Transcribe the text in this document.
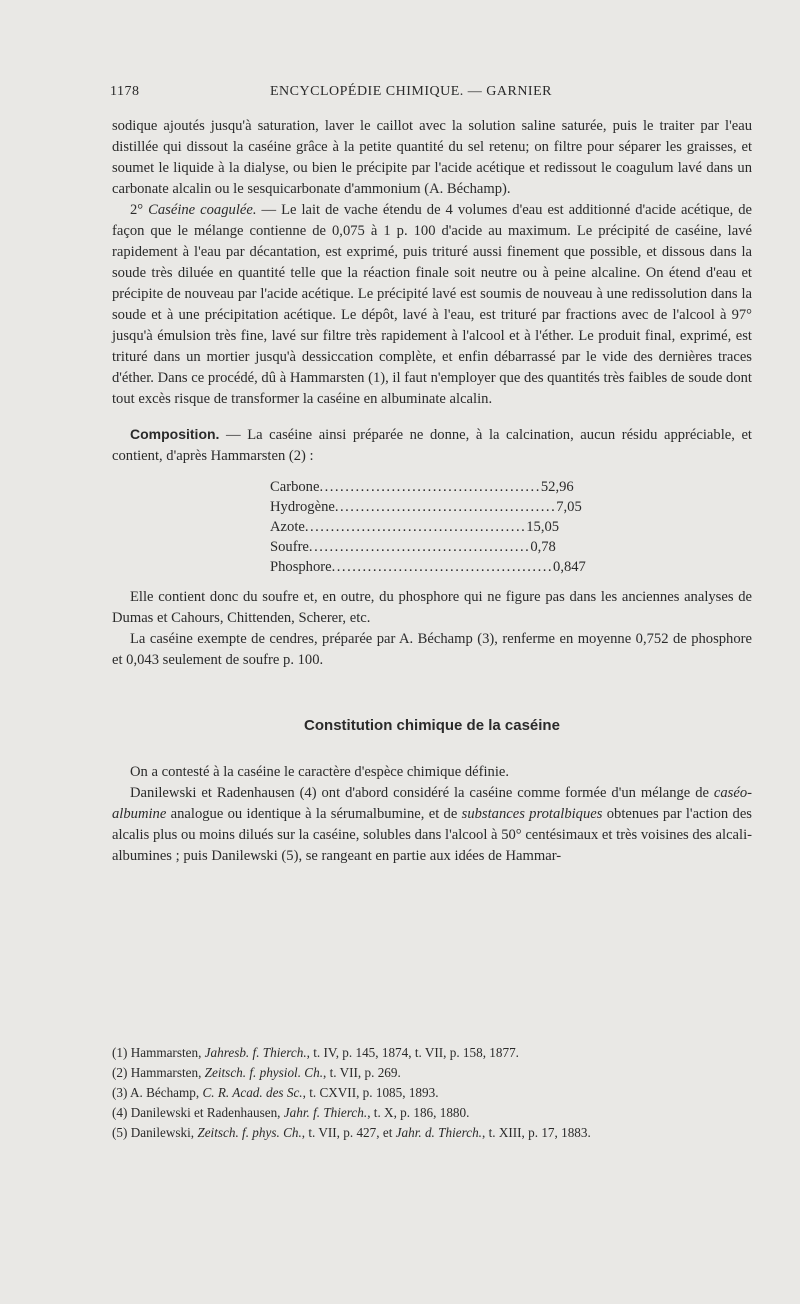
1178	ENCYCLOPÉDIE CHIMIQUE. — GARNIER

sodique ajoutés jusqu'à saturation, laver le caillot avec la solution saline saturée, puis le traiter par l'eau distillée qui dissout la caséine grâce à la petite quantité du sel retenu; on filtre pour séparer les graisses, et soumet le liquide à la dialyse, ou bien le précipite par l'acide acétique et redissout le coagulum lavé dans un carbonate alcalin ou le sesquicarbonate d'ammonium (A. Béchamp).

2° Caséine coagulée. — Le lait de vache étendu de 4 volumes d'eau est additionné d'acide acétique, de façon que le mélange contienne de 0,075 à 1 p. 100 d'acide au maximum. Le précipité de caséine, lavé rapidement à l'eau par décantation, est exprimé, puis trituré aussi finement que possible, et dissous dans la soude très diluée en quantité telle que la réaction finale soit neutre ou à peine alcaline. On étend d'eau et précipite de nouveau par l'acide acétique. Le précipité lavé est soumis de nouveau à une redissolution dans la soude et à une précipitation acétique. Le dépôt, lavé à l'eau, est trituré par fractions avec de l'alcool à 97° jusqu'à émulsion très fine, lavé sur filtre très rapidement à l'alcool et à l'éther. Le produit final, exprimé, est trituré dans un mortier jusqu'à dessiccation complète, et enfin débarrassé par le vide des dernières traces d'éther. Dans ce procédé, dû à Hammarsten (1), il faut n'employer que des quantités très faibles de soude dont tout excès risque de transformer la caséine en albuminate alcalin.

Composition. — La caséine ainsi préparée ne donne, à la calcination, aucun résidu appréciable, et contient, d'après Hammarsten (2) :

Carbone ........................................... 52,96
Hydrogène ........................................... 7,05
Azote ........................................... 15,05
Soufre ........................................... 0,78
Phosphore ........................................... 0,847

Elle contient donc du soufre et, en outre, du phosphore qui ne figure pas dans les anciennes analyses de Dumas et Cahours, Chittenden, Scherer, etc.

La caséine exempte de cendres, préparée par A. Béchamp (3), renferme en moyenne 0,752 de phosphore et 0,043 seulement de soufre p. 100.

Constitution chimique de la caséine

On a contesté à la caséine le caractère d'espèce chimique définie.

Danilewski et Radenhausen (4) ont d'abord considéré la caséine comme formée d'un mélange de caséo-albumine analogue ou identique à la sérumalbumine, et de substances protalbiques obtenues par l'action des alcalis plus ou moins dilués sur la caséine, solubles dans l'alcool à 50° centésimaux et très voisines des alcali-albumines ; puis Danilewski (5), se rangeant en partie aux idées de Hammar-

(1) Hammarsten, Jahresb. f. Thierch., t. IV, p. 145, 1874, t. VII, p. 158, 1877.
(2) Hammarsten, Zeitsch. f. physiol. Ch., t. VII, p. 269.
(3) A. Béchamp, C. R. Acad. des Sc., t. CXVII, p. 1085, 1893.
(4) Danilewski et Radenhausen, Jahr. f. Thierch., t. X, p. 186, 1880.
(5) Danilewski, Zeitsch. f. phys. Ch., t. VII, p. 427, et Jahr. d. Thierch., t. XIII, p. 17, 1883.
